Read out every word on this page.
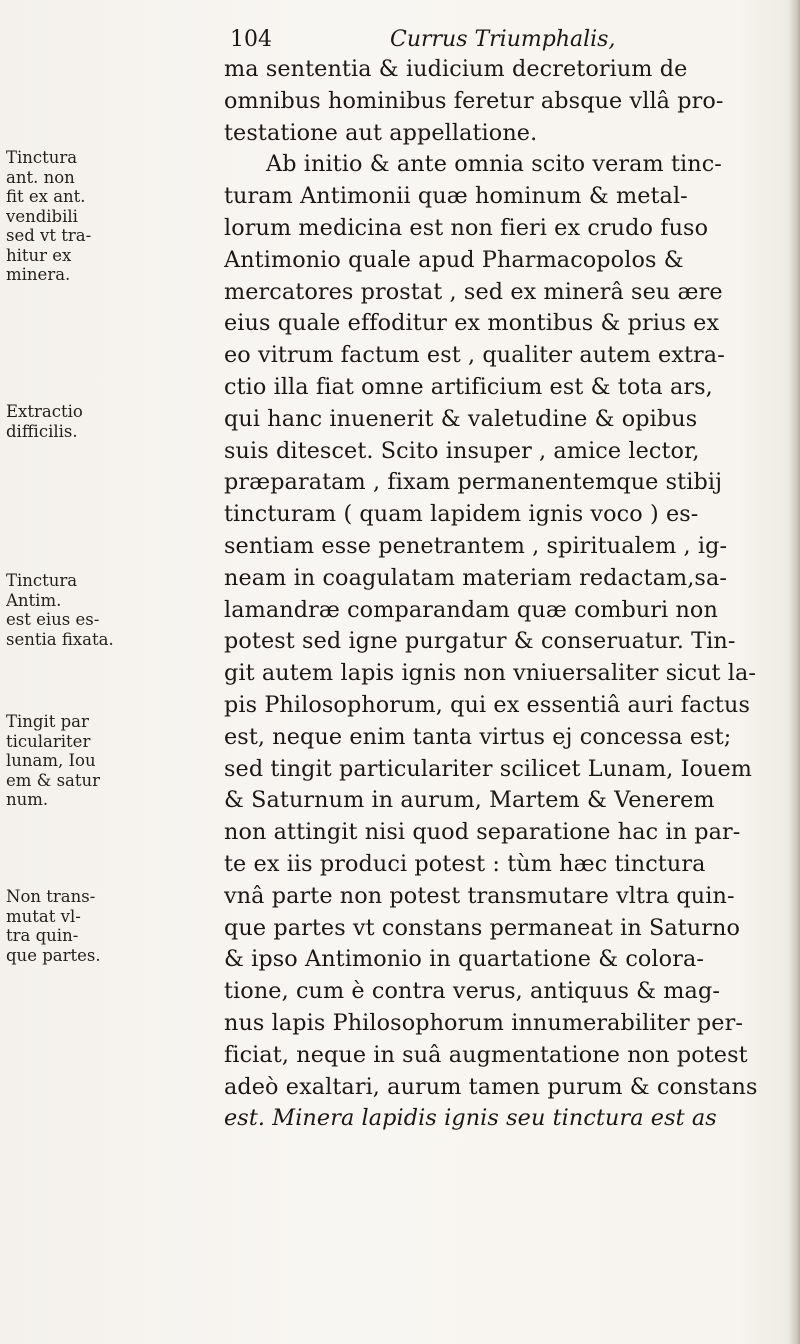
104	Currus Triumphalis,
ma sententia & iudicium decretorium de
omnibus hominibus feretur absque vllâ pro-
testatione aut appellatione.
Ab initio & ante omnia scito veram tinc-
turam Antimonii quæ hominum & metal-
lorum medicina est non fieri ex crudo fuso
Antimonio quale apud Pharmacopolos &
mercatores prostat , sed ex minerâ seu ære
eius quale effoditur ex montibus & prius ex
eo vitrum factum est , qualiter autem extra-
ctio illa fiat omne artificium est & tota ars,
qui hanc inuenerit & valetudine & opibus
suis ditescet. Scito insuper , amice lector,
præparatam , fixam permanentemque stibij
tincturam ( quam lapidem ignis voco ) es-
sentiam esse penetrantem , spiritualem , ig-
neam in coagulatam materiam redactam,sa-
lamandræ comparandam quæ comburi non
potest sed igne purgatur & conseruatur. Tin-
git autem lapis ignis non vniuersaliter sicut la-
pis Philosophorum, qui ex essentiâ auri factus
est, neque enim tanta virtus ej concessa est;
sed tingit particulariter scilicet Lunam, Iouem
& Saturnum in aurum, Martem & Venerem
non attingit nisi quod separatione hac in par-
te ex iis produci potest : tùm hæc tinctura
vnâ parte non potest transmutare vltra quin-
que partes vt constans permaneat in Saturno
& ipso Antimonio in quartatione & colora-
tione, cum è contra verus, antiquus & mag-
nus lapis Philosophorum innumerabiliter per-
ficiat, neque in suâ augmentatione non potest
adeò exaltari, aurum tamen purum & constans
est. Minera lapidis ignis seu tinctura est as
Tinctura
ant. non
fit ex ant.
vendibili
sed vt tra-
hitur ex
minera.
Extractio
difficilis.
Tinctura
Antim.
est eius es-
sentia fixata.
Tingit par
ticulariter
lunam, Iou
em & satur
num.
Non trans-
mutat vl-
tra quin-
que partes.
